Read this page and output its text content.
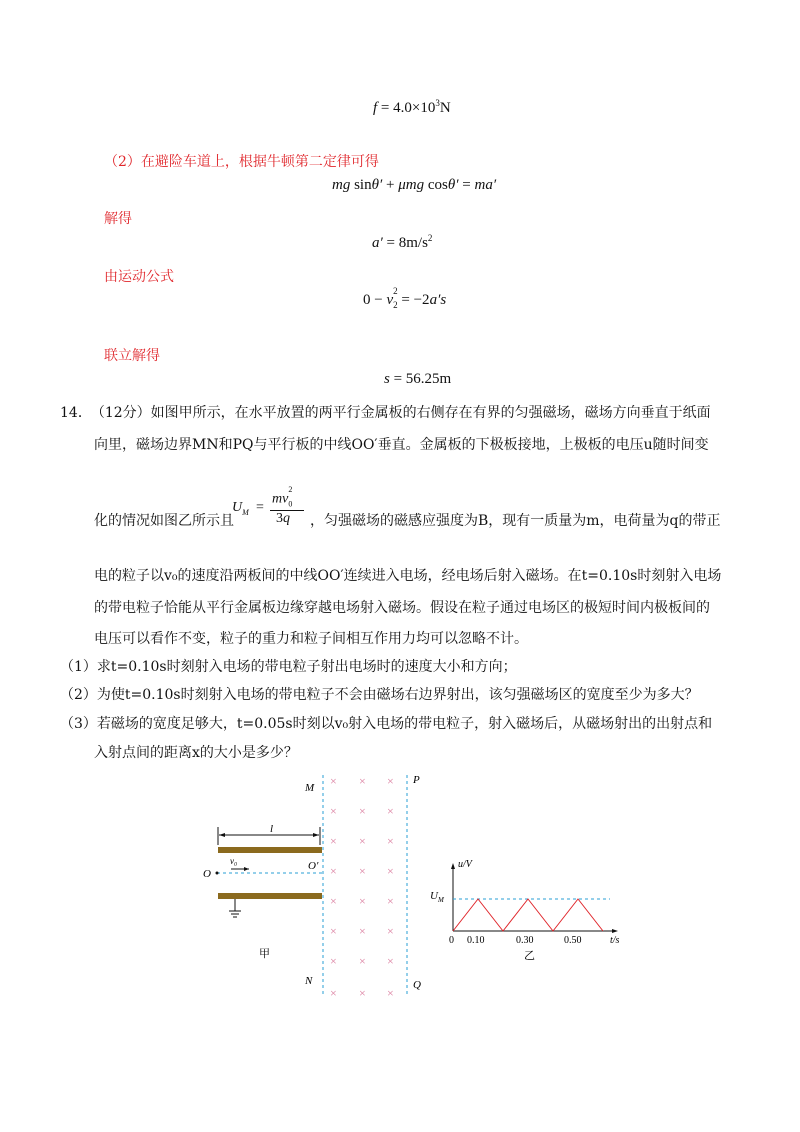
$f = 4.0\times 10^3N$
（2）在避险车道上，根据牛顿第二定律可得
mg sinθ′ + μmg cosθ′ = ma′
解得
$a' = 8m/s^2$
由运动公式
0 − v
$_{2 2}$ = −2a′s
联立解得
s = 56.25m
14． （12分）如图甲所示，在水平放置的两平行金属板的右侧存在有界的匀强磁场，磁场方向垂直于纸面
向里，磁场边界MN和PQ与平行板的中线OO′垂直。金属板的下极板接地，上极板的电压u随时间变
化的情况如图乙所示且
$U_M$ =
$mv_0^2$
3q ，匀强磁场的磁感应强度为B，现有一质量为m，电荷量为q的带正
电的粒子以v₀的速度沿两板间的中线OO′连续进入电场，经电场后射入磁场。在t=0.10s时刻射入电场
的带电粒子恰能从平行金属板边缘穿越电场射入磁场。假设在粒子通过电场区的极短时间内极板间的
电压可以看作不变，粒子的重力和粒子间相互作用力均可以忽略不计。
（1）求t=0.10s时刻射入电场的带电粒子射出电场时的速度大小和方向；
（2）为使t=0.10s时刻射入电场的带电粒子不会由磁场右边界射出，该匀强磁场区的宽度至少为多大？
（3）若磁场的宽度足够大，t=0.05s时刻以v₀射入电场的带电粒子，射入磁场后，从磁场射出的出射点和
入射点间的距离x的大小是多少？
M
P
N	Q
× × ×
× × ×
× × ×
× × ×
× × ×
× × ×
× × ×
× × ×
l
O
O′
v₀
甲
u/V
$U_M$
0 0.10	0.30	0.50	t/s
乙
